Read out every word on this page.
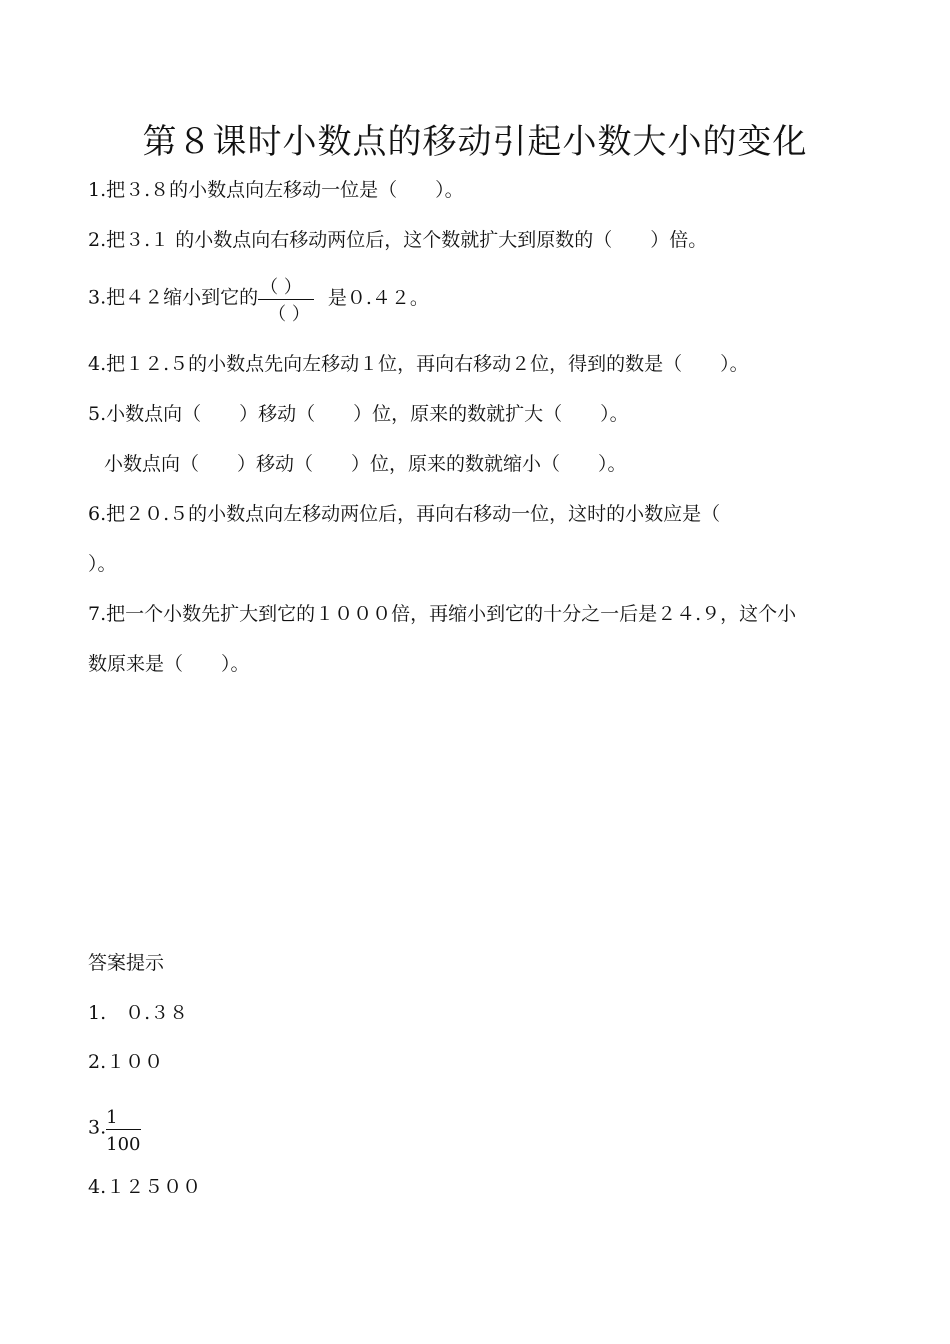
第８课时小数点的移动引起小数大小的变化
1.把３.８的小数点向左移动一位是（　　）。
2.把３.１ 的小数点向右移动两位后，这个数就扩大到原数的（　　）倍。
3.把４２缩小到它的 $\frac{( )}{( )}$ 是０.４２。
4.把１２.５的小数点先向左移动１位，再向右移动２位，得到的数是（　　）。
5.小数点向（　　）移动（　　）位，原来的数就扩大（　　）。
小数点向（　　）移动（　　）位，原来的数就缩小（　　）。
6.把２０.５的小数点向左移动两位后，再向右移动一位，这时的小数应是（
）。
7.把一个小数先扩大到它的１０００倍，再缩小到它的十分之一后是２４.９，这个小
数原来是（　　）。
答案提示
1.　０.３８
2.１００
3. $\frac{1}{100}$
4.１２５００
